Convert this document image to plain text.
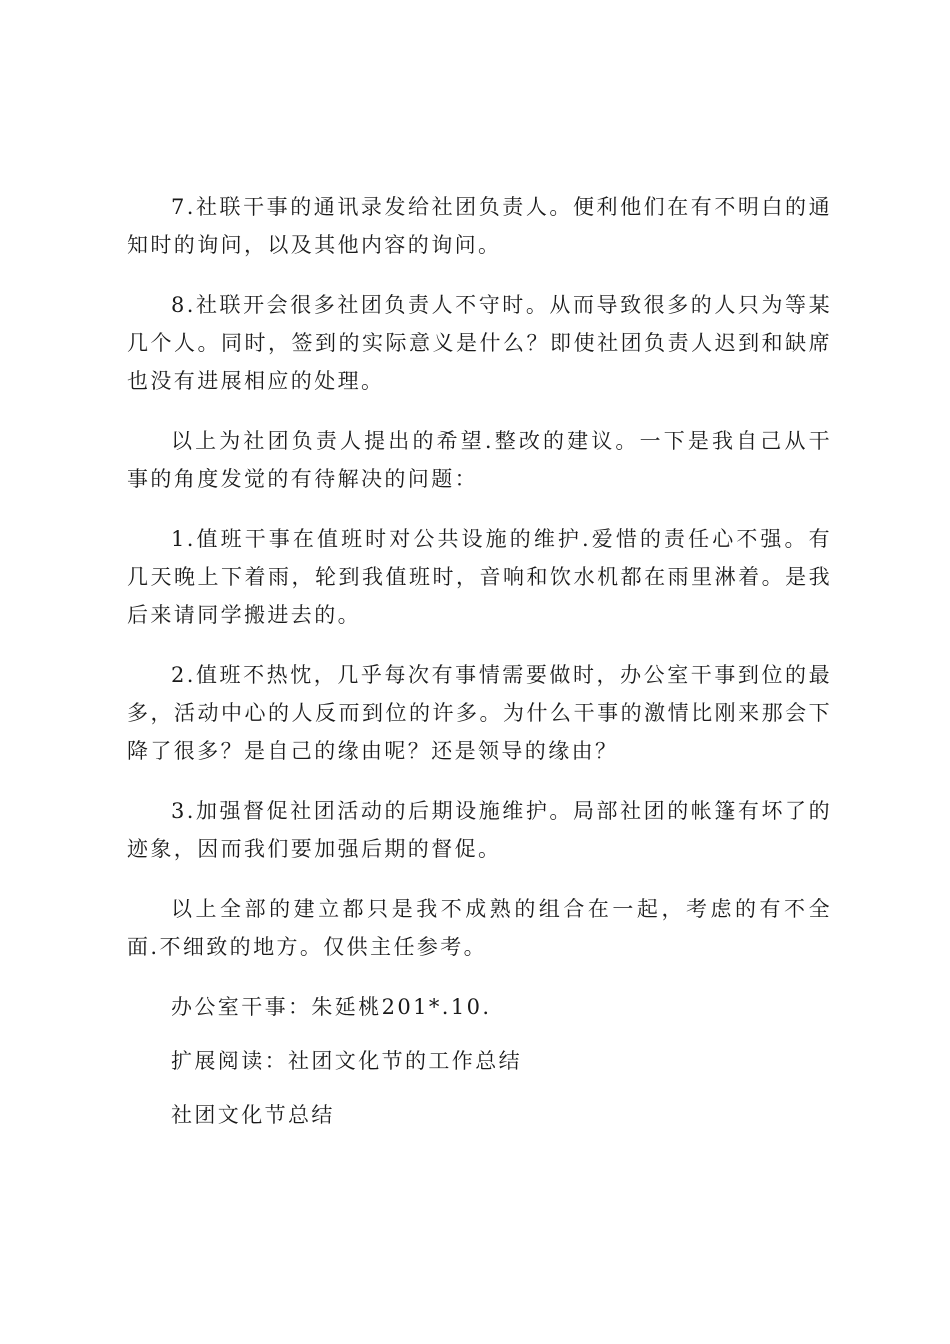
7.社联干事的通讯录发给社团负责人。便利他们在有不明白的通知时的询问，以及其他内容的询问。

8.社联开会很多社团负责人不守时。从而导致很多的人只为等某几个人。同时，签到的实际意义是什么？即使社团负责人迟到和缺席也没有进展相应的处理。

以上为社团负责人提出的希望.整改的建议。一下是我自己从干事的角度发觉的有待解决的问题：

1.值班干事在值班时对公共设施的维护.爱惜的责任心不强。有几天晚上下着雨，轮到我值班时，音响和饮水机都在雨里淋着。是我后来请同学搬进去的。

2.值班不热忱，几乎每次有事情需要做时，办公室干事到位的最多，活动中心的人反而到位的许多。为什么干事的激情比刚来那会下降了很多？是自己的缘由呢？还是领导的缘由？

3.加强督促社团活动的后期设施维护。局部社团的帐篷有坏了的迹象，因而我们要加强后期的督促。

以上全部的建立都只是我不成熟的组合在一起，考虑的有不全面.不细致的地方。仅供主任参考。

办公室干事：朱延桃201*.10.

扩展阅读：社团文化节的工作总结

社团文化节总结
